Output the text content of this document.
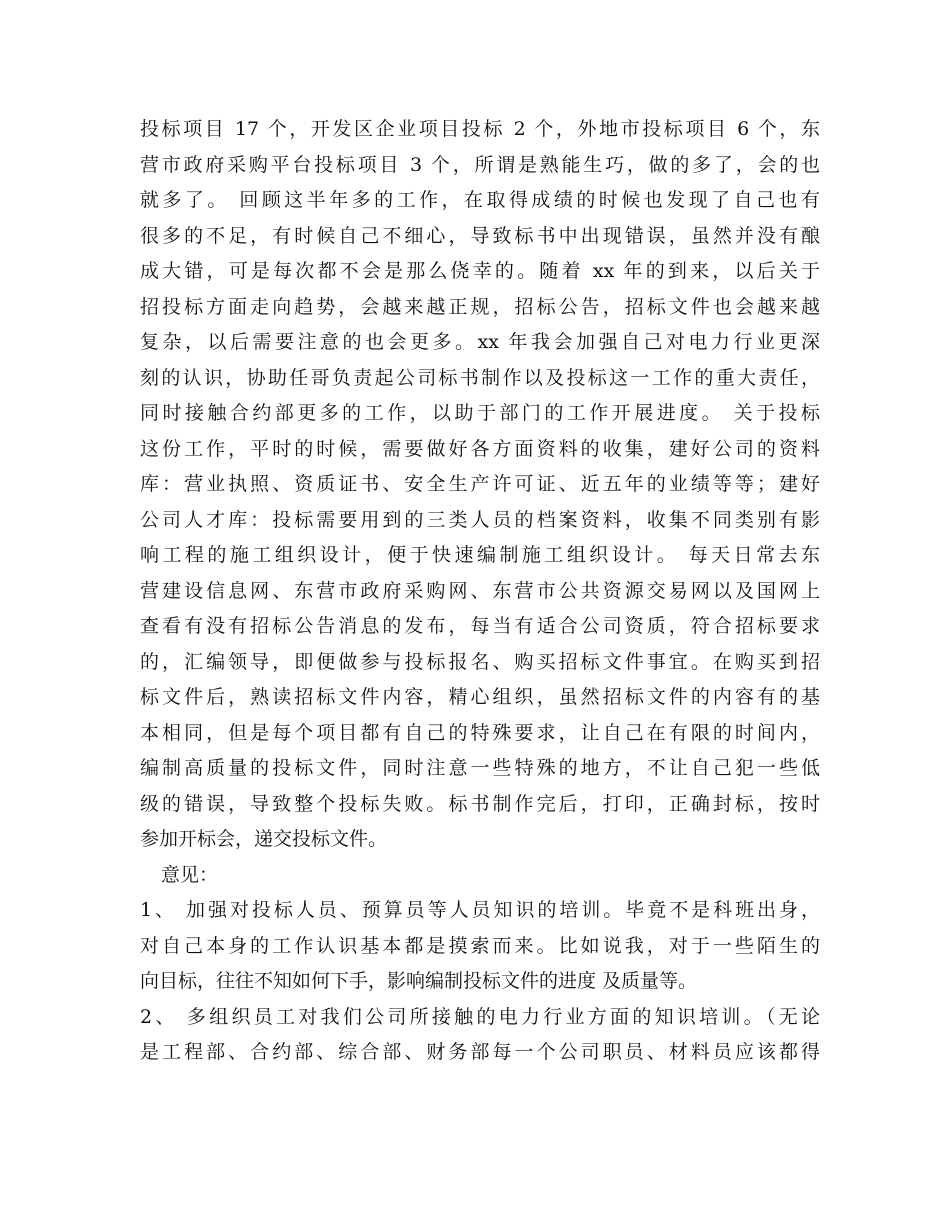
投标项目 17 个，开发区企业项目投标 2 个，外地市投标项目 6 个，东
营市政府采购平台投标项目 3 个，所谓是熟能生巧，做的多了，会的也
就多了。 回顾这半年多的工作，在取得成绩的时候也发现了自己也有
很多的不足，有时候自己不细心，导致标书中出现错误，虽然并没有酿
成大错，可是每次都不会是那么侥幸的。随着 xx 年的到来，以后关于
招投标方面走向趋势，会越来越正规，招标公告，招标文件也会越来越
复杂，以后需要注意的也会更多。xx 年我会加强自己对电力行业更深
刻的认识，协助任哥负责起公司标书制作以及投标这一工作的重大责任，
同时接触合约部更多的工作，以助于部门的工作开展进度。 关于投标
这份工作，平时的时候，需要做好各方面资料的收集，建好公司的资料
库：营业执照、资质证书、安全生产许可证、近五年的业绩等等；建好
公司人才库：投标需要用到的三类人员的档案资料，收集不同类别有影
响工程的施工组织设计，便于快速编制施工组织设计。 每天日常去东
营建设信息网、东营市政府采购网、东营市公共资源交易网以及国网上
查看有没有招标公告消息的发布，每当有适合公司资质，符合招标要求
的，汇编领导，即便做参与投标报名、购买招标文件事宜。在购买到招
标文件后，熟读招标文件内容，精心组织，虽然招标文件的内容有的基
本相同，但是每个项目都有自己的特殊要求，让自己在有限的时间内，
编制高质量的投标文件，同时注意一些特殊的地方，不让自己犯一些低
级的错误，导致整个投标失败。标书制作完后，打印，正确封标，按时
参加开标会，递交投标文件。
意见：
1、 加强对投标人员、预算员等人员知识的培训。毕竟不是科班出身，
对自己本身的工作认识基本都是摸索而来。比如说我，对于一些陌生的
向目标，往往不知如何下手，影响编制投标文件的进度 及质量等。
2、 多组织员工对我们公司所接触的电力行业方面的知识培训。（无论
是工程部、合约部、综合部、财务部每一个公司职员、材料员应该都得
